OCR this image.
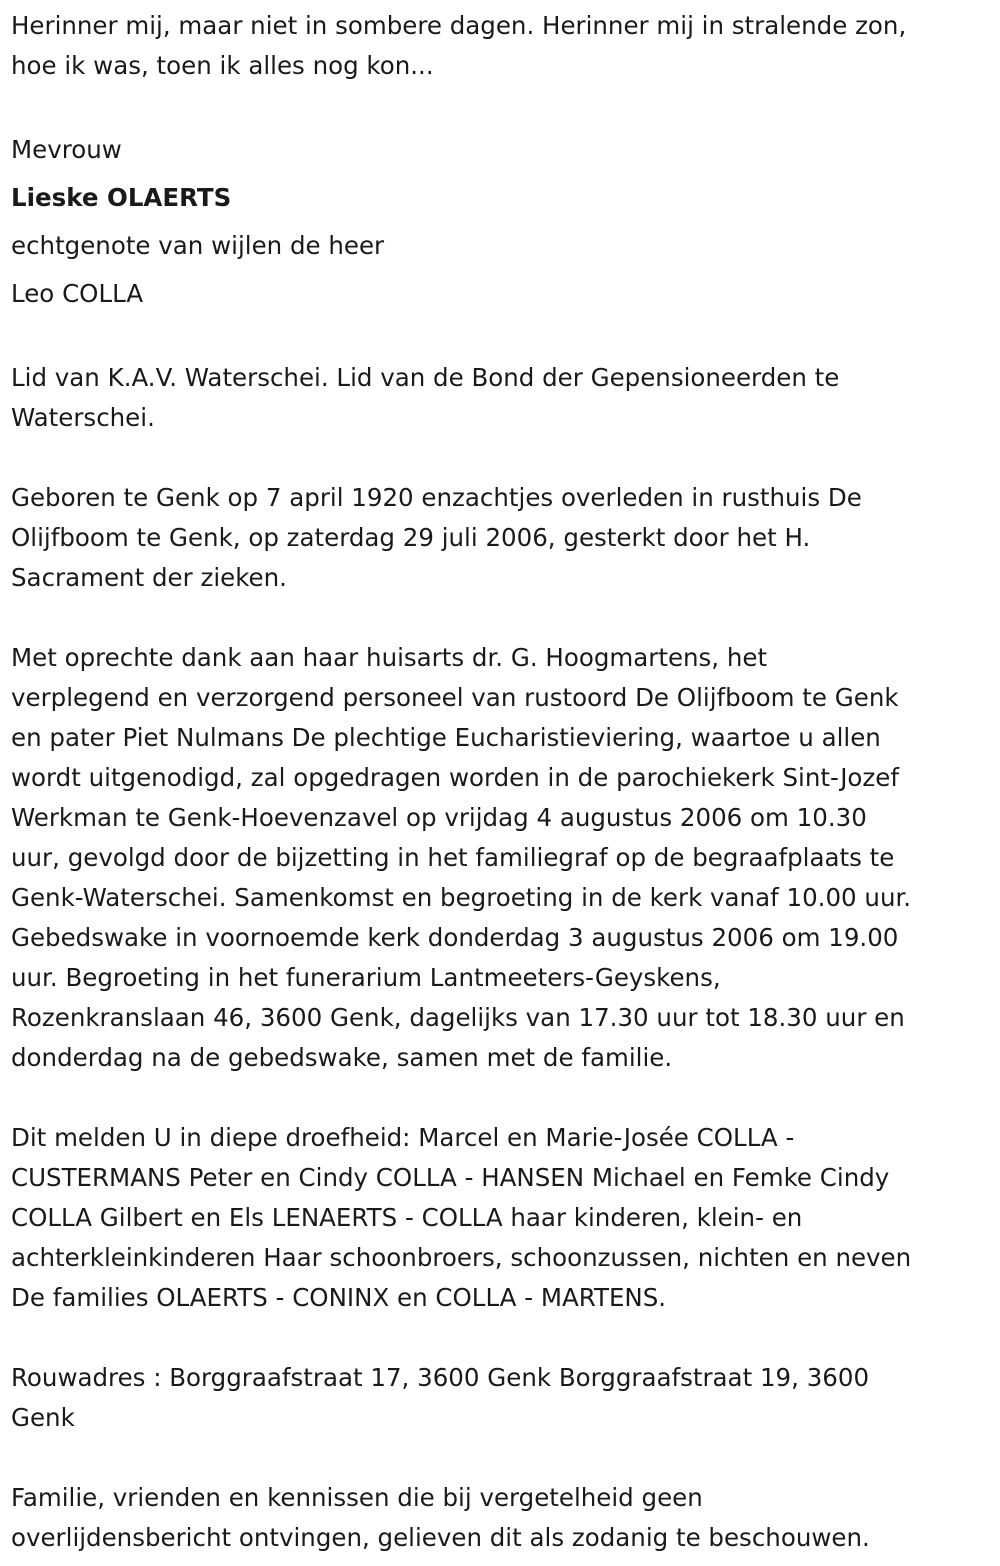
Herinner mij, maar niet in sombere dagen. Herinner mij in stralende zon,

hoe ik was, toen ik alles nog kon...

Mevrouw

Lieske OLAERTS

echtgenote van wijlen de heer

Leo COLLA

Lid van K.A.V. Waterschei. Lid van de Bond der Gepensioneerden te

Waterschei.

Geboren te Genk op 7 april 1920 enzachtjes overleden in rusthuis De

Olijfboom te Genk, op zaterdag 29 juli 2006, gesterkt door het H.

Sacrament der zieken.

Met oprechte dank aan haar huisarts dr. G. Hoogmartens, het

verplegend en verzorgend personeel van rustoord De Olijfboom te Genk

en pater Piet Nulmans De plechtige Eucharistieviering, waartoe u allen

wordt uitgenodigd, zal opgedragen worden in de parochiekerk Sint-Jozef

Werkman te Genk-Hoevenzavel op vrijdag 4 augustus 2006 om 10.30

uur, gevolgd door de bijzetting in het familiegraf op de begraafplaats te

Genk-Waterschei. Samenkomst en begroeting in de kerk vanaf 10.00 uur.

Gebedswake in voornoemde kerk donderdag 3 augustus 2006 om 19.00

uur. Begroeting in het funerarium Lantmeeters-Geyskens,

Rozenkranslaan 46, 3600 Genk, dagelijks van 17.30 uur tot 18.30 uur en

donderdag na de gebedswake, samen met de familie.

Dit melden U in diepe droefheid: Marcel en Marie-Josée COLLA -

CUSTERMANS Peter en Cindy COLLA - HANSEN Michael en Femke Cindy

COLLA Gilbert en Els LENAERTS - COLLA haar kinderen, klein- en

achterkleinkinderen Haar schoonbroers, schoonzussen, nichten en neven

De families OLAERTS - CONINX en COLLA - MARTENS.

Rouwadres : Borggraafstraat 17, 3600 Genk Borggraafstraat 19, 3600

Genk

Familie, vrienden en kennissen die bij vergetelheid geen

overlijdensbericht ontvingen, gelieven dit als zodanig te beschouwen.
